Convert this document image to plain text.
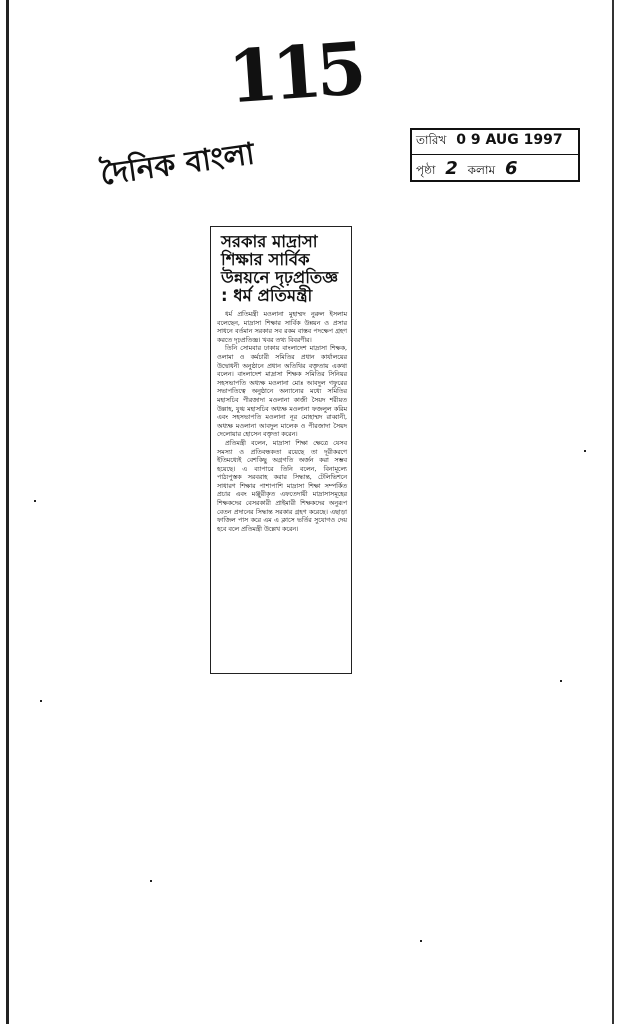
115
দৈনিক বাংলা	তারিখ 0 9 AUG 1997
পৃষ্ঠা 2 কলাম 6
সরকার মাদ্রাসা শিক্ষার সার্বিক উন্নয়নে দৃঢ়প্রতিজ্ঞ : ধর্ম প্রতিমন্ত্রী

ধর্ম প্রতিমন্ত্রী মওলানা মুহাম্মদ নুরুল ইসলাম বলেছেন, মাদ্রাসা শিক্ষার সার্বিক উন্নয়ন ও প্রসার সাধনে বর্তমান সরকার সব রকম বাস্তব পদক্ষেপ গ্রহণ করতে দৃঢ়প্রতিজ্ঞ। খবর তথ্য বিবরণীর।

তিনি সোমবার ঢাকায় বাংলাদেশ মাদ্রাসা শিক্ষক, ওলামা ও কর্মচারী সমিতির প্রধান কার্যালয়ের উদ্বোধনী অনুষ্ঠানে প্রধান অতিথির বক্তৃতায় একথা বলেন। বাংলাদেশ মাদ্রাসা শিক্ষক সমিতির সিনিয়র সহসভাপতি অধ্যক্ষ মওলানা মোঃ আবদুল গফুরের সভাপতিত্বে অনুষ্ঠানে অন্যান্যের মধ্যে সমিতির মহাসচিব পীরজাদা মওলানা কাজী সৈয়দ শরীয়ত উল্লাহ, যুগ্ম মহাসচিব অধ্যক্ষ মওলানা ফজলুল করিম এবং সহসভাপতি মওলানা নূর মোহাম্মদ রাব্বানী, অধ্যক্ষ মওলানা আবদুল মালেক ও পীরজাদা সৈয়দ দেলোয়ার হোসেন বক্তৃতা করেন।

প্রতিমন্ত্রী বলেন, মাদ্রাসা শিক্ষা ক্ষেত্রে যেসব সমস্যা ও প্রতিবন্ধকতা রয়েছে তা দূরীকরণে ইতিমধ্যেই বেশকিছু অগ্রগতি অর্জন করা সম্ভব হয়েছে। এ ব্যাপারে তিনি বলেন, বিনামূল্যে পাঠ্যপুস্তক সরবরাহ করার সিদ্ধান্ত, টেলিভিশনে সাধারণ শিক্ষার পাশাপাশি মাদ্রাসা শিক্ষা সম্পর্কিত প্রচার এবং মঞ্জুরীকৃত এফতেদায়ী মাদ্রাসাসমূহের শিক্ষকদের বেসরকারী প্রাইমারী শিক্ষকদের অনুরূপ বেতন প্রদানের সিদ্ধান্ত সরকার গ্রহণ করেছে। এছাড়া ফাজিল পাস করে এম এ ক্লাসে ভর্তির সুযোগও দেয় হবে বলে প্রতিমন্ত্রী উল্লেখ করেন।
